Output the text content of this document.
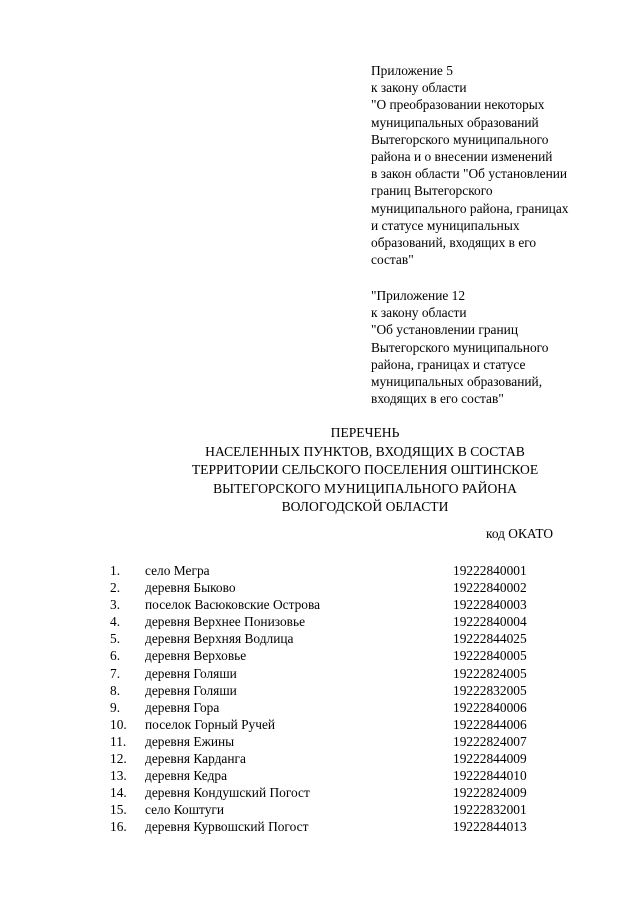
Приложение 5
к закону области
"О преобразовании некоторых
муниципальных образований
Вытегорского муниципального
района и о внесении изменений
в закон области "Об установлении
границ Вытегорского
муниципального района, границах
и статусе муниципальных
образований, входящих в его
состав"
"Приложение 12
к закону области
"Об установлении границ
Вытегорского муниципального
района, границах и статусе
муниципальных образований,
входящих в его состав"
ПЕРЕЧЕНЬ
НАСЕЛЕННЫХ ПУНКТОВ, ВХОДЯЩИХ В СОСТАВ
ТЕРРИТОРИИ СЕЛЬСКОГО ПОСЕЛЕНИЯ ОШТИНСКОЕ
ВЫТЕГОРСКОГО МУНИЦИПАЛЬНОГО РАЙОНА
ВОЛОГОДСКОЙ ОБЛАСТИ
код ОКАТО
1.	село Мегра	19222840001
2.	деревня Быково	19222840002
3.	поселок Васюковские Острова	19222840003
4.	деревня Верхнее Понизовье	19222840004
5.	деревня Верхняя Водлица	19222844025
6.	деревня Верховье	19222840005
7.	деревня Голяши	19222824005
8.	деревня Голяши	19222832005
9.	деревня Гора	19222840006
10.	поселок Горный Ручей	19222844006
11.	деревня Ежины	19222824007
12.	деревня Карданга	19222844009
13.	деревня Кедра	19222844010
14.	деревня Кондушский Погост	19222824009
15.	село Коштуги	19222832001
16.	деревня Курвошский Погост	19222844013
